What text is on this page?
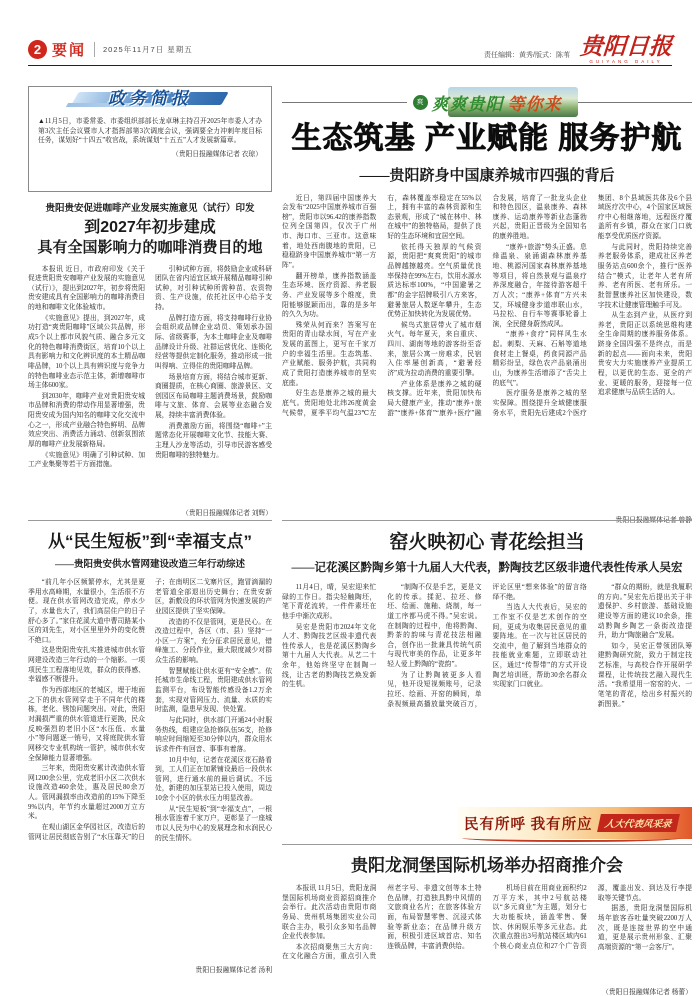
2 要闻 2025年11月7日 星期五
责任编辑：黄秀/版式：陈苇 贵阳日报
GUIYANG DAILY
政务简报
▲11月5日，市委常委、市委组织部部长龙卓琳主持召开2025年市委人才办第3次主任会议暨市人才指挥部第3次调度会议，强调要全力冲刺年度目标任务，谋划好“十四五”收官战，系统谋划“十五五”人才发展新篇章。
（贵阳日报融媒体记者 衣琼）
贵阳贵安促进咖啡产业发展实施意见（试行）印发
到2027年初步建成
具有全国影响力的咖啡消费目的地

本报讯 近日，市政府印发《关于促进贵阳贵安咖啡产业发展的实施意见（试行）》，提出到2027年，初步将贵阳贵安建成具有全国影响力的咖啡消费目的地和咖啡文化体验城市。

《实施意见》提出，到2027年，成功打造“爽贵阳咖啡”区域公共品牌，形成5个以上都市风貌气质、融合多元文化的特色咖啡消费街区，培育10个以上具有影响力和文化辨识度的本土精品咖啡品牌，10个以上具有辨识度与竞争力的特色咖啡业态示范主体，新增咖啡市场主体600家。

到2030年，咖啡产业对贵阳贵安城市品牌和消费的带动作用显著增强，贵阳贵安成为国内知名的咖啡文化交流中心之一，形成产业融合特色鲜明、品牌效应突出、消费活力涌动、创新氛围浓厚的咖啡产业发展新格局。

《实施意见》明确了引种试种、加工产业集聚等若干方面措施。

引种试种方面，将鼓励企业或科研团队在省内适宜区域开展精品咖啡引种试种，对引种试种所需种苗、农资物资、生产设施，依托社区中心给予支持。

品牌打造方面，将支持咖啡行业协会组织或品牌企业动员、策划承办国际、省级赛事，为本土咖啡企业及咖啡品牌设计升级、社群运营优化、连锁化经营等提供定制化服务，推动形成一批叫得响、立得住的贵阳咖啡品牌。

场景培育方面，将结合城市更新、商圈提质，在核心商圈、旅游景区、文创园区布局咖啡主题消费场景，鼓励咖啡与文旅、体育、会展等业态融合发展，持续丰富消费体验。

消费激励方面，将围绕“咖啡+”主题常态化开展咖啡文化节、技能大赛、主理人沙龙等活动，引导市民游客感受贵阳咖啡的独特魅力。

（贵阳日报融媒体记者 刘辉）
从“民生短板”到“幸福支点”
——贵阳贵安供水管网建设改造三年行动综述

“前几年小区频繁停水，尤其是夏季用水高峰期，水量很小，生活很不方便。现在供水管网改造完成，停水少了，水量也大了，我们高层住户的日子舒心多了。”家住花溪大道中曹司路某小区的刘先生，对小区里里外外的变化赞不绝口。

这是贵阳贵安扎实推进城市供水管网建设改造三年行动的一个缩影。一项项民生工程落地见效，群众的获得感、幸福感不断提升。

作为西部地区的老城区，埋于地面之下的供水管网穿走于不同年代的楼栋，老化、锈蚀问题突出。对此，贵阳对漏损严重的供水管道进行更换，民众反映强烈的老旧小区“水压低、水量小”等问题逐一销号，又将庭院供水管网移交专业机构统一管护，城市供水安全保障能力显著增强。

三年来，贵阳贵安累计改造供水管网1200余公里，完成老旧小区二次供水设施改造460余处，惠及居民80余万人。管网漏损率由改造前的15%下降至9%以内，年节约水量超过2000万立方米。

在观山湖区金华园社区，改造后的管网让居民彻底告别了“水压靠天”的日子；在南明区二戈寨片区，跑冒滴漏的老管道全部退出历史舞台；在贵安新区，新敷设的环状管网为快速发展的产业园区提供了坚实保障。

改造的不仅是管网，更是民心。在改造过程中，各区（市、县）坚持“一小区一方案”，充分征求居民意见，错峰施工、分段作业，最大限度减少对群众生活的影响。

智慧赋能让供水更有“安全感”。依托城市生命线工程，贵阳建成供水管网监测平台，布设智能传感设备1.2万余套，实现对管网压力、流量、水质的实时监测，隐患早发现、快处置。

与此同时，供水部门开通24小时服务热线，组建应急抢修队伍56支，抢修响应时间缩短至30分钟以内，群众用水诉求件件有回音、事事有着落。

10月中旬，记者在花溪区花石路看到，工人们正在加紧铺设最后一段供水管网，进行通水前的最后调试。不远处，新建的加压泵站已投入使用，周边10余个小区的供水压力明显改善。

从“民生短板”到“幸福支点”，一根根水管连着千家万户，更彰显了一座城市以人民为中心的发展理念和水润民心的民生情怀。

贵阳日报融媒体记者 汤利
爽 爽爽贵阳 等你来
生态筑基 产业赋能 服务护航
——贵阳跻身中国康养城市四强的背后

近日，第四届中国康养大会发布“2025中国康养城市百强榜”，贵阳市以96.42的康养指数位列全国第四，仅次于广州市、海口市、三亚市。这意味着，地处西南腹地的贵阳，已稳稳跻身中国康养城市“第一方阵”。

翻开榜单，康养指数涵盖生态环境、医疗资源、养老服务、产业发展等多个维度，贵阳能够脱颖而出，靠的是多年的久久为功。

殊荣从何而来？答案写在贵阳的青山绿水间，写在产业发展的蓝图上，更写在千家万户的幸福生活里。生态筑基、产业赋能、服务护航，共同构成了贵阳打造康养城市的坚实底座。

好生态是康养之城的最大底气。贵阳地处北纬26度黄金气候带，夏季平均气温23℃左右，森林覆盖率稳定在55%以上，拥有丰富的森林资源和生态景观，形成了“城在林中、林在城中”的独特格局，提供了良好的生态环境和宜居空间。

依托得天独厚的气候资源，贵阳把“爽爽贵阳”的城市品牌越擦越亮。空气质量优良率保持在99%左右，饮用水源水质达标率100%，“中国避暑之都”的金字招牌吸引八方来客，避暑旅居人数逐年攀升，生态优势正加快转化为发展优势。

候鸟式旅居带火了城市烟火气。每年夏天，来自重庆、四川、湖南等地的游客纷至沓来，旅居公寓一房难求，民宿入住率屡创新高，“避暑经济”成为拉动消费的重要引擎。

产业体系是康养之城的硬核支撑。近年来，贵阳加快布局大健康产业，推动“康养+旅游”“康养+体育”“康养+医疗”融合发展，培育了一批龙头企业和特色园区，温泉康养、森林康养、运动康养等新业态蓬勃兴起，贵阳正晋级为全国知名的康养胜地。

“康养+旅游”势头正盛。息烽温泉、泉涌湖森林康养基地、桃源河国家森林康养基地等项目，将自然景观与温泉疗养深度融合，年接待游客超千万人次；“康养+体育”方兴未艾，环城健身步道串联山水，马拉松、自行车等赛事轮番上演，全民健身蔚然成风。

“康养+食疗”同样风生水起。刺梨、天麻、石斛等道地食材走上餐桌，药食同源产品精彩纷呈，绿色农产品泉涌出山，为康养生活增添了“舌尖上的底气”。

医疗服务是康养之城的坚实保障。围绕提升全域健康服务水平，贵阳先后建成2个医疗集团、8个县域医共体及6个县域医疗次中心，4个国家区域医疗中心相继落地，远程医疗覆盖所有乡镇，群众在家门口就能享受优质医疗资源。

与此同时，贵阳持续完善养老服务体系，建成社区养老服务站点600余个，推行“医养结合”模式，让老年人老有所养、老有所医、老有所乐。一批智慧康养社区加快建设，数字技术让健康管理触手可及。

从生态到产业，从医疗到养老，贵阳正以系统思维构建全生命周期的康养服务体系。跻身全国四强不是终点，而是新的起点——面向未来，贵阳贵安大力实施康养产业提质工程，以更优的生态、更全的产业、更暖的服务，迎接每一位追求健康与品质生活的人。

贵阳日报融媒体记者 曾静
窑火映初心 青花绘担当
——记花溪区黔陶乡第十九届人大代表，黔陶技艺区级非遗代表性传承人吴宏

11月4日，晴，吴宏迎来忙碌的工作日。指尖轻触陶坯，笔下青花流转，一件件素坯在他手中渐次成形。

吴宏是贵阳市2024年文化人才、黔陶技艺区级非遗代表性传承人，也是花溪区黔陶乡第十九届人大代表。从艺二十余年，他始终坚守在制陶一线，让古老的黔陶技艺焕发新的生机。

“制陶不仅是手艺，更是文化的传承。揉泥、拉坯、修坯、绘画、施釉、烧制，每一道工序都马虎不得。”吴宏说。在制陶的过程中，他将黔陶、黔茶的韵味与青花技法相融合，创作出一批兼具传统气质与现代审美的作品，让更多年轻人爱上黔陶的“瓷韵”。

为了让黔陶被更多人看见，他开设短视频账号，记录拉坯、绘画、开窑的瞬间，单条视频最高播放量突破百万，评论区里“想来体验”的留言络绎不绝。

当选人大代表后，吴宏的工作室不仅是艺术创作的空间，更成为收集居民意见的重要阵地。在一次与社区居民的交流中，他了解到当地群众的技能就业难题，立即联动社区，通过“传帮带”的方式开设陶艺培训班，帮助30余名群众实现家门口就业。

“群众的期盼，就是我履职的方向。”吴宏先后提出关于非遗保护、乡村旅游、基础设施建设等方面的建议10余条，推动黔陶乡陶艺一条街改造提升，助力“陶旅融合”发展。

如今，吴宏正带领团队筹建黔陶研究院，致力于制定技艺标准，与高校合作开展研学课程，让传统技艺融入现代生活。“我希望用一窑窑的火、一笔笔的青花，绘出乡村振兴的新图景。”

民有所呼 我有所应	人大代表风采录
贵阳龙洞堡国际机场举办招商推介会

本报讯 11月5日，贵阳龙洞堡国际机场商业资源招商推介会举行。此次活动由贵阳市商务局、贵州机场集团实业公司联合主办，吸引众多知名品牌企业代表参加。

本次招商聚焦三大方向：在文化融合方面，重点引入贵州老字号、非遗文创等本土特色品牌，打造独具黔中风情的文旅商业名片；在旅客体验方面，布局智慧零售、沉浸式体验等新业态；在品牌升级方面，积极引进区域首店、知名连锁品牌，丰富消费供给。

机场目前在用商业面积约2万平方米，其中2号航站楼以“多元商业”为主题，划分七大功能板块，涵盖零售、餐饮、休闲娱乐等多元业态。此次重点推出3号航站楼区域内61个核心商业点位和27个广告资源，覆盖出发、到达及行李提取等关键节点。

据悉，贵阳龙洞堡国际机场年旅客吞吐量突破2200万人次，既是连接世界的空中通道，更是展示贵州形象、汇聚高端资源的“第一会客厅”。

（贵阳日报融媒体记者 杨蕾）
